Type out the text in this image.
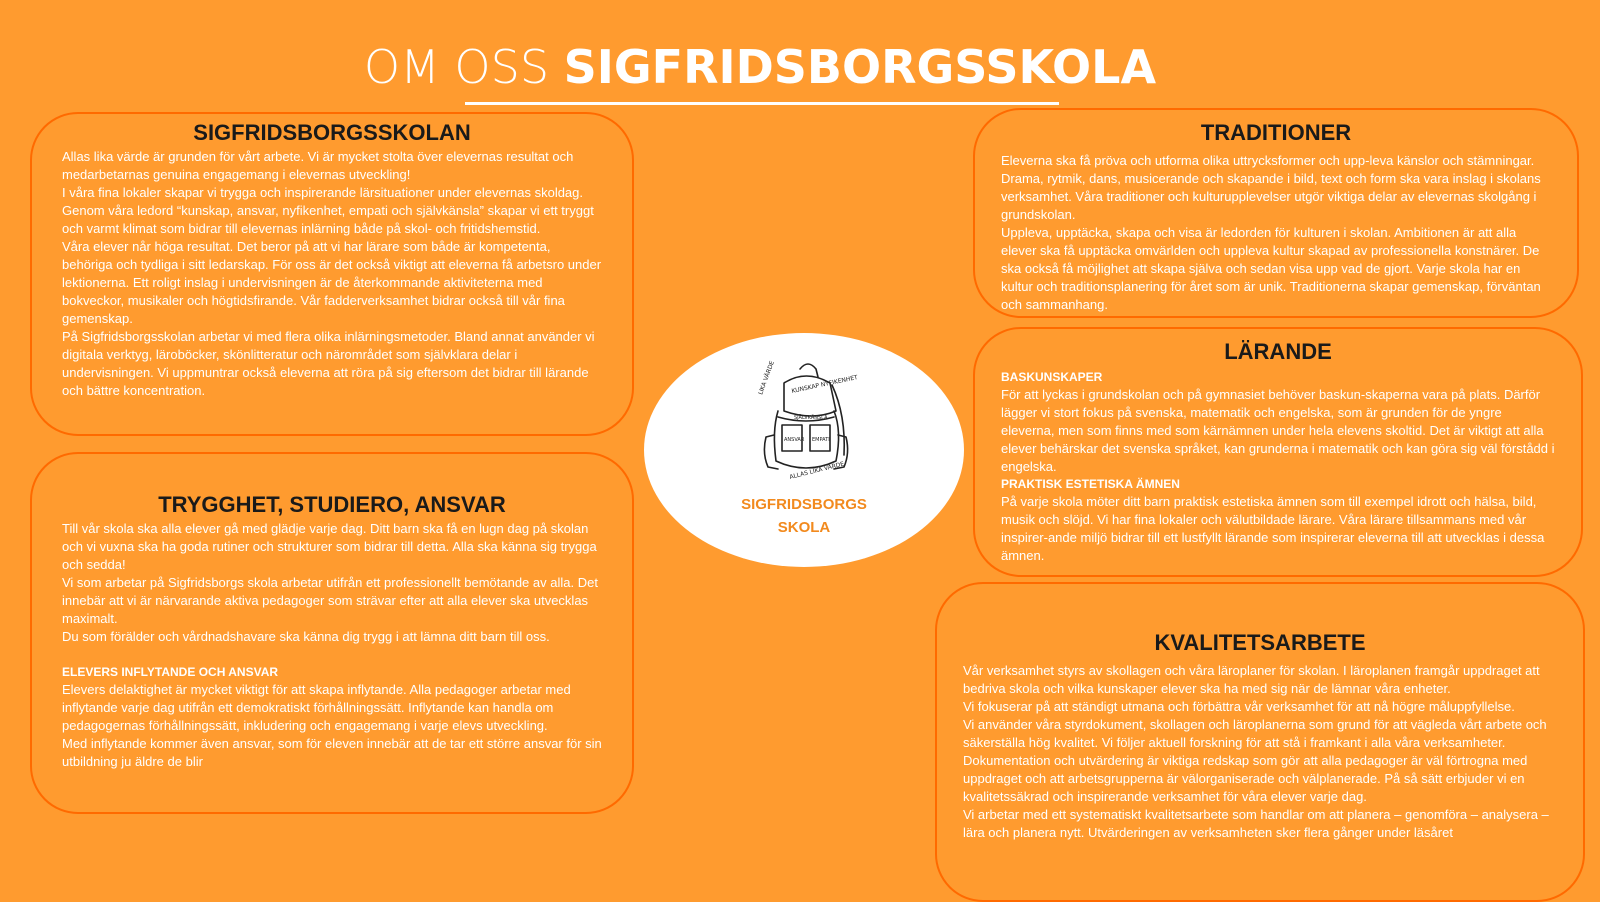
OM OSS SIGFRIDSBORGSSKOLA
SIGFRIDSBORGSSKOLAN

Allas lika värde är grunden för vårt arbete. Vi är mycket stolta över elevernas resultat och medarbetarnas genuina engagemang i elevernas utveckling!

I våra fina lokaler skapar vi trygga och inspirerande lärsituationer under elevernas skoldag. Genom våra ledord “kunskap, ansvar, nyfikenhet, empati och självkänsla” skapar vi ett tryggt och varmt klimat som bidrar till elevernas inlärning både på skol- och fritidshemstid.

Våra elever når höga resultat. Det beror på att vi har lärare som både är kompetenta, behöriga och tydliga i sitt ledarskap. För oss är det också viktigt att eleverna få arbetsro under lektionerna. Ett roligt inslag i undervisningen är de återkommande aktiviteterna med bokveckor, musikaler och högtidsfirande. Vår fadderverksamhet bidrar också till vår fina gemenskap.

På Sigfridsborgsskolan arbetar vi med flera olika inlärningsmetoder. Bland annat använder vi digitala verktyg, läroböcker, skönlitteratur och närområdet som självklara delar i undervisningen. Vi uppmuntrar också eleverna att röra på sig eftersom det bidrar till lärande och bättre koncentration.

TRYGGHET, STUDIERO, ANSVAR

Till vår skola ska alla elever gå med glädje varje dag. Ditt barn ska få en lugn dag på skolan och vi vuxna ska ha goda rutiner och strukturer som bidrar till detta. Alla ska känna sig trygga och sedda!

Vi som arbetar på Sigfridsborgs skola arbetar utifrån ett professionellt bemötande av alla. Det innebär att vi är närvarande aktiva pedagoger som strävar efter att alla elever ska utvecklas maximalt.

Du som förälder och vårdnadshavare ska känna dig trygg i att lämna ditt barn till oss.

ELEVERS INFLYTANDE OCH ANSVAR

Elevers delaktighet är mycket viktigt för att skapa inflytande. Alla pedagoger arbetar med inflytande varje dag utifrån ett demokratiskt förhållningssätt. Inflytande kan handla om pedagogernas förhållningssätt, inkludering och engagemang i varje elevs utveckling.

Med inflytande kommer även ansvar, som för eleven innebär att de tar ett större ansvar för sin utbildning ju äldre de blir

LIKA VÄRDE KUNSKAP NYFIKENHET
SJÄLVKÄNSLA
ANSVAR EMPATI
ALLAS LIKA VÄRDE
SIGFRIDSBORGS
SKOLA
TRADITIONER

Eleverna ska få pröva och utforma olika uttrycksformer och upp-leva känslor och stämningar. Drama, rytmik, dans, musicerande och skapande i bild, text och form ska vara inslag i skolans verksamhet. Våra traditioner och kulturupplevelser utgör viktiga delar av elevernas skolgång i grundskolan.

Uppleva, upptäcka, skapa och visa är ledorden för kulturen i skolan. Ambitionen är att alla elever ska få upptäcka omvärlden och uppleva kultur skapad av professionella konstnärer. De ska också få möjlighet att skapa själva och sedan visa upp vad de gjort. Varje skola har en kultur och traditionsplanering för året som är unik. Traditionerna skapar gemenskap, förväntan och sammanhang.

LÄRANDE

BASKUNSKAPER

För att lyckas i grundskolan och på gymnasiet behöver baskun-skaperna vara på plats. Därför lägger vi stort fokus på svenska, matematik och engelska, som är grunden för de yngre eleverna, men som finns med som kärnämnen under hela elevens skoltid. Det är viktigt att alla elever behärskar det svenska språket, kan grunderna i matematik och kan göra sig väl förstådd i engelska.

PRAKTISK ESTETISKA ÄMNEN

På varje skola möter ditt barn praktisk estetiska ämnen som till exempel idrott och hälsa, bild, musik och slöjd. Vi har fina lokaler och välutbildade lärare. Våra lärare tillsammans med vår inspirer-ande miljö bidrar till ett lustfyllt lärande som inspirerar eleverna till att utvecklas i dessa ämnen.

KVALITETSARBETE

Vår verksamhet styrs av skollagen och våra läroplaner för skolan. I läroplanen framgår uppdraget att bedriva skola och vilka kunskaper elever ska ha med sig när de lämnar våra enheter.

Vi fokuserar på att ständigt utmana och förbättra vår verksamhet för att nå högre måluppfyllelse.

Vi använder våra styrdokument, skollagen och läroplanerna som grund för att vägleda vårt arbete och säkerställa hög kvalitet. Vi följer aktuell forskning för att stå i framkant i alla våra verksamheter.

Dokumentation och utvärdering är viktiga redskap som gör att alla pedagoger är väl förtrogna med uppdraget och att arbetsgrupperna är välorganiserade och välplanerade. På så sätt erbjuder vi en kvalitetssäkrad och inspirerande verksamhet för våra elever varje dag.

Vi arbetar med ett systematiskt kvalitetsarbete som handlar om att planera – genomföra – analysera – lära och planera nytt. Utvärderingen av verksamheten sker flera gånger under läsåret
